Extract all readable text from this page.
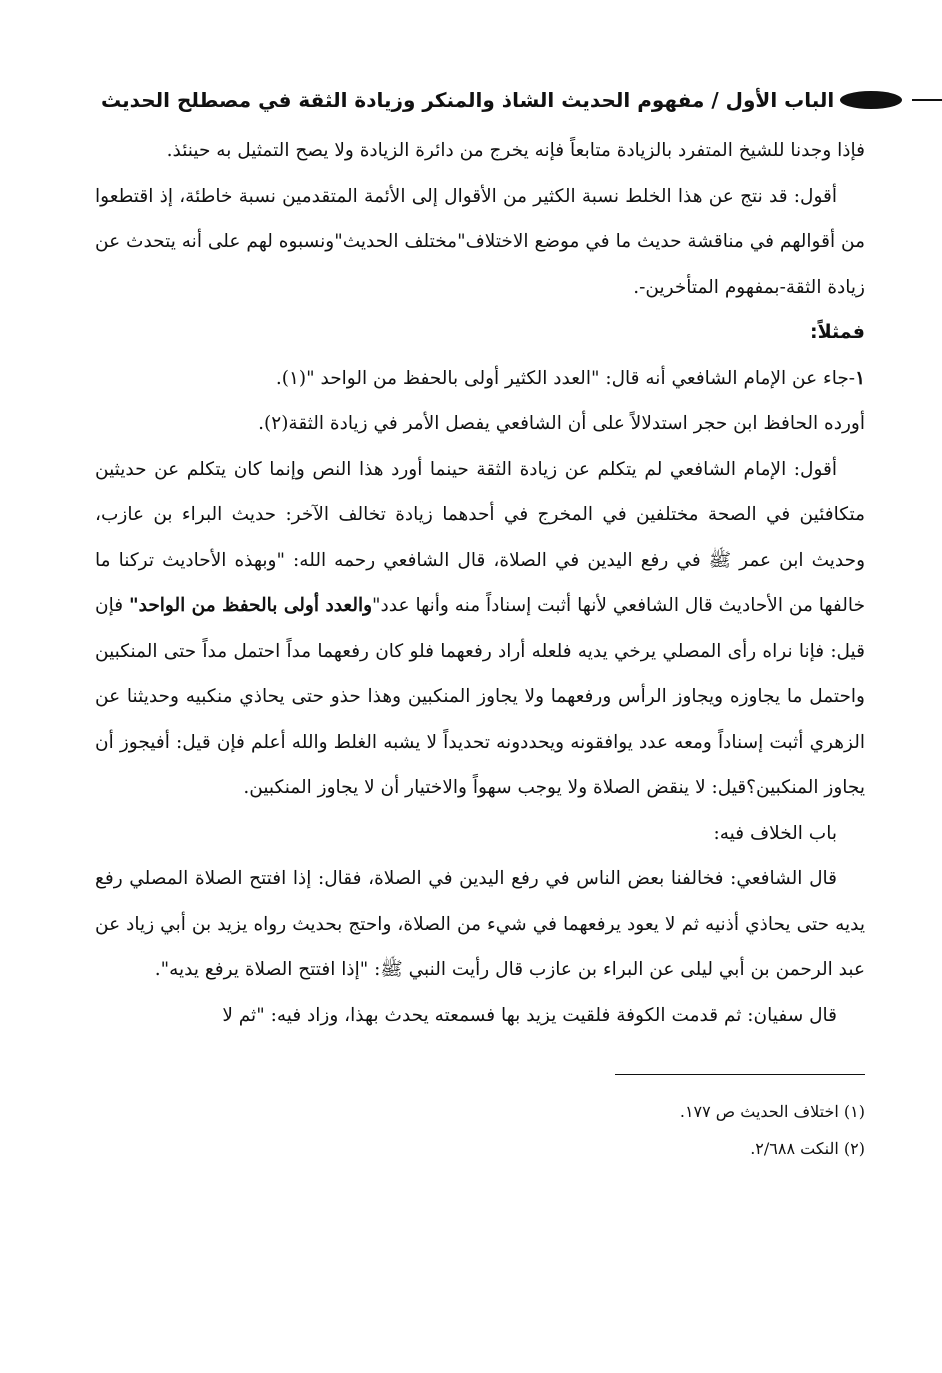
الباب الأول / مفهوم الحديث الشاذ والمنكر وزيادة الثقة في مصطلح الحديث

فإذا وجدنا للشيخ المتفرد بالزيادة متابعاً فإنه يخرج من دائرة الزيادة ولا يصح التمثيل به حينئذ.

أقول: قد نتج عن هذا الخلط نسبة الكثير من الأقوال إلى الأئمة المتقدمين نسبة خاطئة، إذ اقتطعوا من أقوالهم في مناقشة حديث ما في موضع الاختلاف"مختلف الحديث"ونسبوه لهم على أنه يتحدث عن زيادة الثقة-بمفهوم المتأخرين-.

فمثلاً:

١-جاء عن الإمام الشافعي أنه قال: "العدد الكثير أولى بالحفظ من الواحد "(١).

أورده الحافظ ابن حجر استدلالاً على أن الشافعي يفصل الأمر في زيادة الثقة(٢).

أقول: الإمام الشافعي لم يتكلم عن زيادة الثقة حينما أورد هذا النص وإنما كان يتكلم عن حديثين متكافئين في الصحة مختلفين في المخرج في أحدهما زيادة تخالف الآخر: حديث البراء بن عازب، وحديث ابن عمر ﷺ في رفع اليدين في الصلاة، قال الشافعي رحمه الله: "وبهذه الأحاديث تركنا ما خالفها من الأحاديث قال الشافعي لأنها أثبت إسناداً منه وأنها عدد"والعدد أولى بالحفظ من الواحد" فإن قيل: فإنا نراه رأى المصلي يرخي يديه فلعله أراد رفعهما فلو كان رفعهما مداً احتمل مداً حتى المنكبين واحتمل ما يجاوزه ويجاوز الرأس ورفعهما ولا يجاوز المنكبين وهذا حذو حتى يحاذي منكبيه وحديثنا عن الزهري أثبت إسناداً ومعه عدد يوافقونه ويحددونه تحديداً لا يشبه الغلط والله أعلم فإن قيل: أفيجوز أن يجاوز المنكبين؟قيل: لا ينقض الصلاة ولا يوجب سهواً والاختيار أن لا يجاوز المنكبين.

باب الخلاف فيه:

قال الشافعي: فخالفنا بعض الناس في رفع اليدين في الصلاة، فقال: إذا افتتح الصلاة المصلي رفع يديه حتى يحاذي أذنيه ثم لا يعود يرفعهما في شيء من الصلاة، واحتج بحديث رواه يزيد بن أبي زياد عن عبد الرحمن بن أبي ليلى عن البراء بن عازب قال رأيت النبي ﷺ: "إذا افتتح الصلاة يرفع يديه".

قال سفيان: ثم قدمت الكوفة فلقيت يزيد بها فسمعته يحدث بهذا، وزاد فيه: "ثم لا

(١) اختلاف الحديث ص ١٧٧.
(٢) النكت ٢/٦٨٨.
